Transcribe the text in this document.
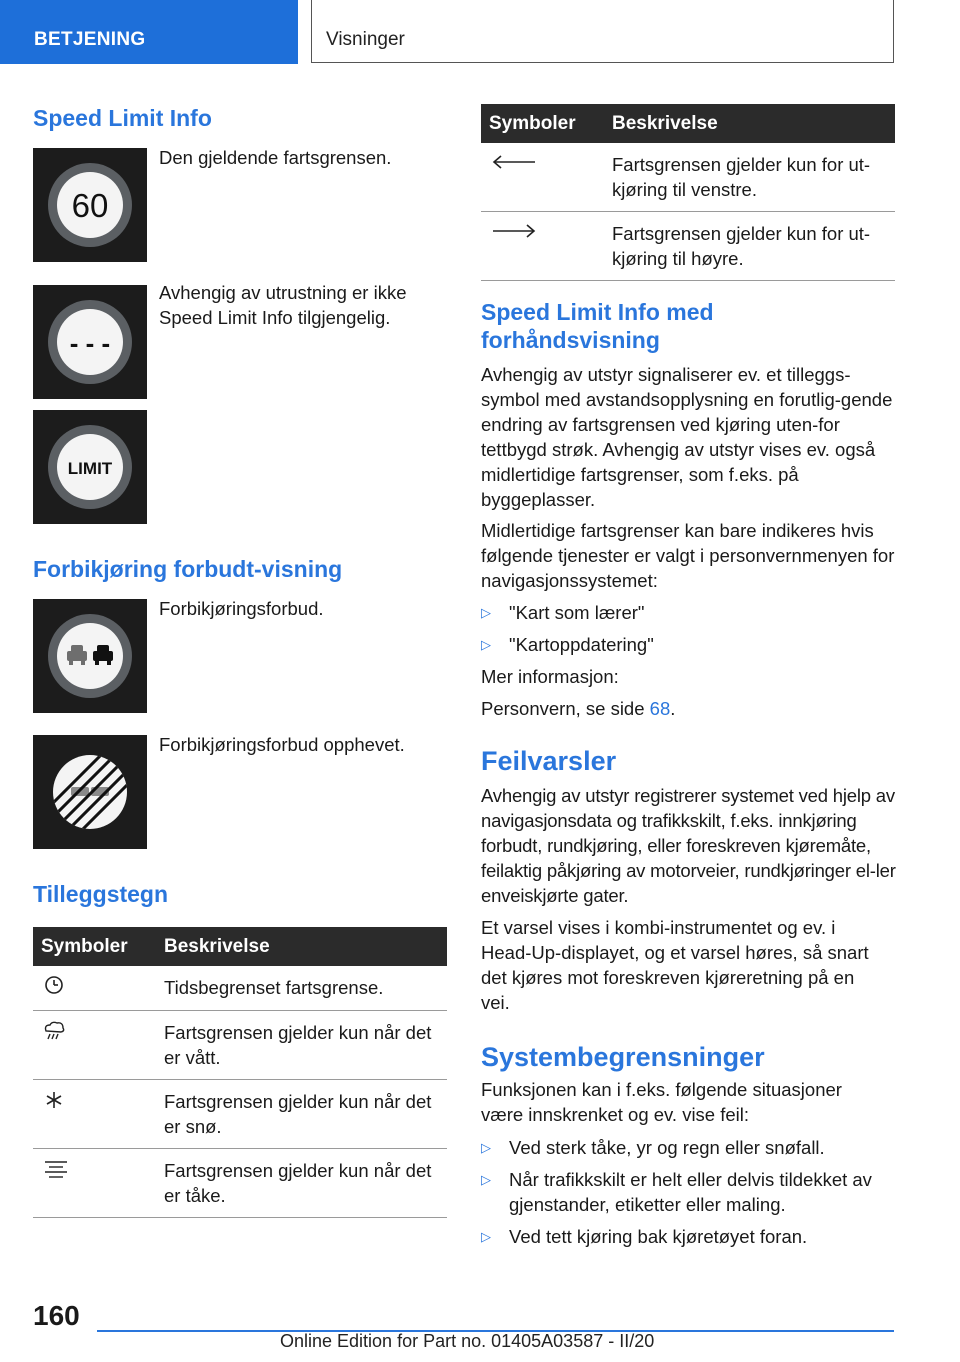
BETJENING	Visninger
Speed Limit Info
60
Den gjeldende fartsgrensen.
- - -
Avhengig av utrustning er ikke Speed Limit Info tilgjengelig.
LIMIT
Forbikjøring forbudt-visning
Forbikjøringsforbud.
Forbikjøringsforbud opphevet.
Tilleggstegn
Symboler	Beskrivelse
	Tidsbegrenset fartsgrense.
	Fartsgrensen gjelder kun når det er vått.
	Fartsgrensen gjelder kun når det er snø.
	Fartsgrensen gjelder kun når det er tåke.
Symboler	Beskrivelse
	Fartsgrensen gjelder kun for ut-kjøring til venstre.
	Fartsgrensen gjelder kun for ut-kjøring til høyre.
Speed Limit Info med
forhåndsvisning
Avhengig av utstyr signaliserer ev. et tilleggs-symbol med avstandsopplysning en forutlig-gende endring av fartsgrensen ved kjøring uten-for tettbygd strøk. Avhengig av utstyr vises ev. også midlertidige fartsgrenser, som f.eks. på byggeplasser.
Midlertidige fartsgrenser kan bare indikeres hvis følgende tjenester er valgt i personvernmenyen for navigasjonssystemet:
▷ "Kart som lærer"
▷ "Kartoppdatering"
Mer informasjon:
Personvern, se side 68.
Feilvarsler
Avhengig av utstyr registrerer systemet ved hjelp av navigasjonsdata og trafikkskilt, f.eks. innkjøring forbudt, rundkjøring, eller foreskreven kjøremåte, feilaktig påkjøring av motorveier, rundkjøringer el-ler enveiskjørte gater.
Et varsel vises i kombi-instrumentet og ev. i Head-Up-displayet, og et varsel høres, så snart det kjøres mot foreskreven kjøreretning på en vei.
Systembegrensninger
Funksjonen kan i f.eks. følgende situasjoner være innskrenket og ev. vise feil:
▷ Ved sterk tåke, yr og regn eller snøfall.
▷ Når trafikkskilt er helt eller delvis tildekket av gjenstander, etiketter eller maling.
▷ Ved tett kjøring bak kjøretøyet foran.
160
Online Edition for Part no. 01405A03587 - II/20
